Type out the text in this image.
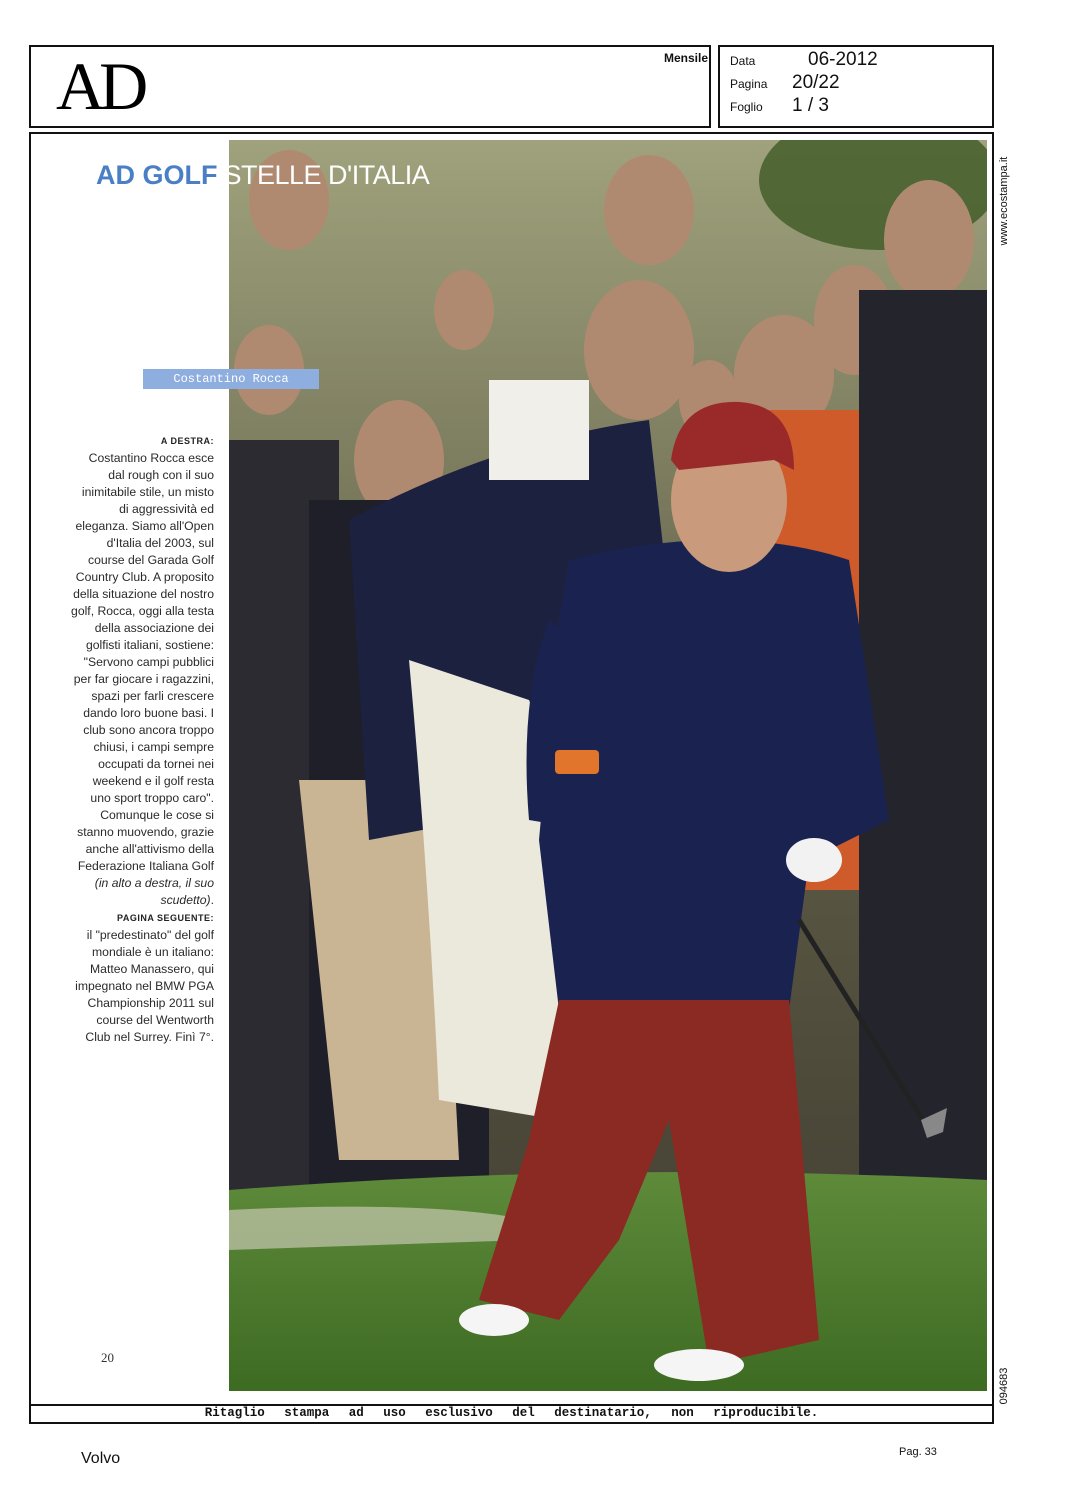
AD	Mensile Data	06-2012
Pagina 20/22
Foglio 1 / 3
AD GOLF STELLE D'ITALIA
Costantino Rocca
A DESTRA:
Costantino Rocca esce dal rough con il suo inimitabile stile, un misto di aggressività ed eleganza. Siamo all'Open d'Italia del 2003, sul course del Garada Golf Country Club. A proposito della situazione del nostro golf, Rocca, oggi alla testa della associazione dei golfisti italiani, sostiene: "Servono campi pubblici per far giocare i ragazzini, spazi per farli crescere dando loro buone basi. I club sono ancora troppo chiusi, i campi sempre occupati da tornei nei weekend e il golf resta uno sport troppo caro". Comunque le cose si stanno muovendo, grazie anche all'attivismo della Federazione Italiana Golf (in alto a destra, il suo scudetto).
PAGINA SEGUENTE:
il "predestinato" del golf mondiale è un italiano: Matteo Manassero, qui impegnato nel BMW PGA Championship 2011 sul course del Wentworth Club nel Surrey. Finì 7°.
20
www.ecostampa.it
094683
Ritaglio stampa ad uso esclusivo del destinatario, non riproducibile.
Volvo	Pag. 33
